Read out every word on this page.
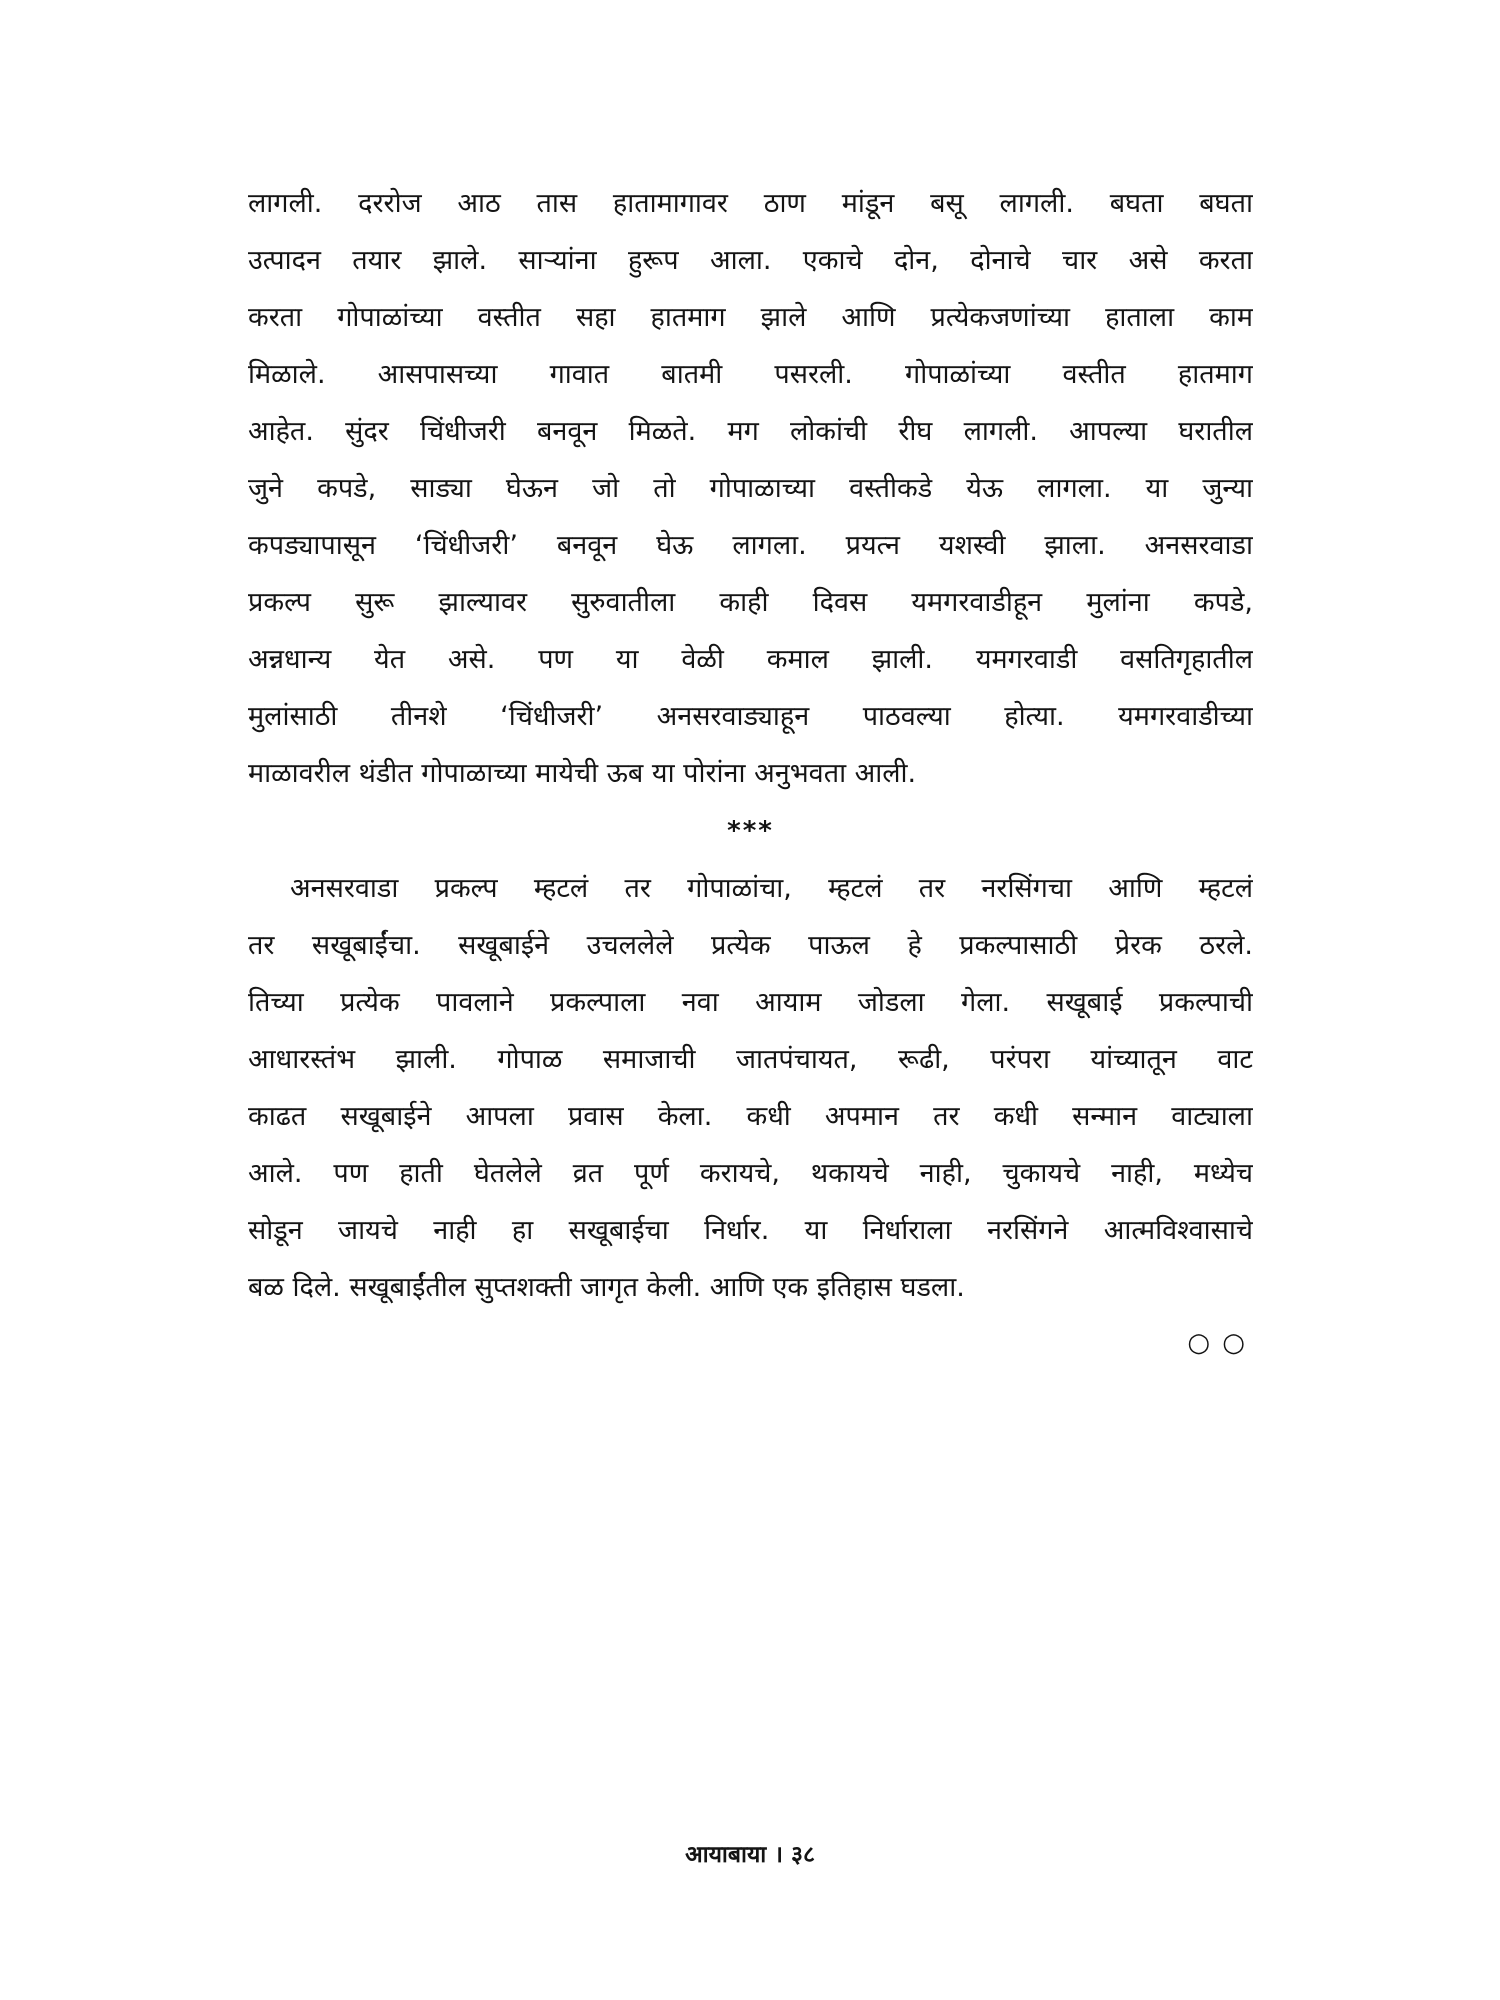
लागली. दररोज आठ तास हातामागावर ठाण मांडून बसू लागली. बघता बघता
उत्पादन तयार झाले. साऱ्यांना हुरूप आला. एकाचे दोन, दोनाचे चार असे करता
करता गोपाळांच्या वस्तीत सहा हातमाग झाले आणि प्रत्येकजणांच्या हाताला काम
मिळाले. आसपासच्या गावात बातमी पसरली. गोपाळांच्या वस्तीत हातमाग
आहेत. सुंदर चिंधीजरी बनवून मिळते. मग लोकांची रीघ लागली. आपल्या घरातील
जुने कपडे, साड्या घेऊन जो तो गोपाळाच्या वस्तीकडे येऊ लागला. या जुन्या
कपड्यापासून ‘चिंधीजरी’ बनवून घेऊ लागला. प्रयत्न यशस्वी झाला. अनसरवाडा
प्रकल्प सुरू झाल्यावर सुरुवातीला काही दिवस यमगरवाडीहून मुलांना कपडे,
अन्नधान्य येत असे. पण या वेळी कमाल झाली. यमगरवाडी वसतिगृहातील
मुलांसाठी तीनशे ‘चिंधीजरी’ अनसरवाड्याहून पाठवल्या होत्या. यमगरवाडीच्या
माळावरील थंडीत गोपाळाच्या मायेची ऊब या पोरांना अनुभवता आली.
***
अनसरवाडा प्रकल्प म्हटलं तर गोपाळांचा, म्हटलं तर नरसिंगचा आणि म्हटलं
तर सखूबाईंचा. सखूबाईने उचललेले प्रत्येक पाऊल हे प्रकल्पासाठी प्रेरक ठरले.
तिच्या प्रत्येक पावलाने प्रकल्पाला नवा आयाम जोडला गेला. सखूबाई प्रकल्पाची
आधारस्तंभ झाली. गोपाळ समाजाची जातपंचायत, रूढी, परंपरा यांच्यातून वाट
काढत सखूबाईने आपला प्रवास केला. कधी अपमान तर कधी सन्मान वाट्याला
आले. पण हाती घेतलेले व्रत पूर्ण करायचे, थकायचे नाही, चुकायचे नाही, मध्येच
सोडून जायचे नाही हा सखूबाईचा निर्धार. या निर्धाराला नरसिंगने आत्मविश्वासाचे
बळ दिले. सखूबाईंतील सुप्तशक्ती जागृत केली. आणि एक इतिहास घडला.
○ ○
आयाबाया । ३८
